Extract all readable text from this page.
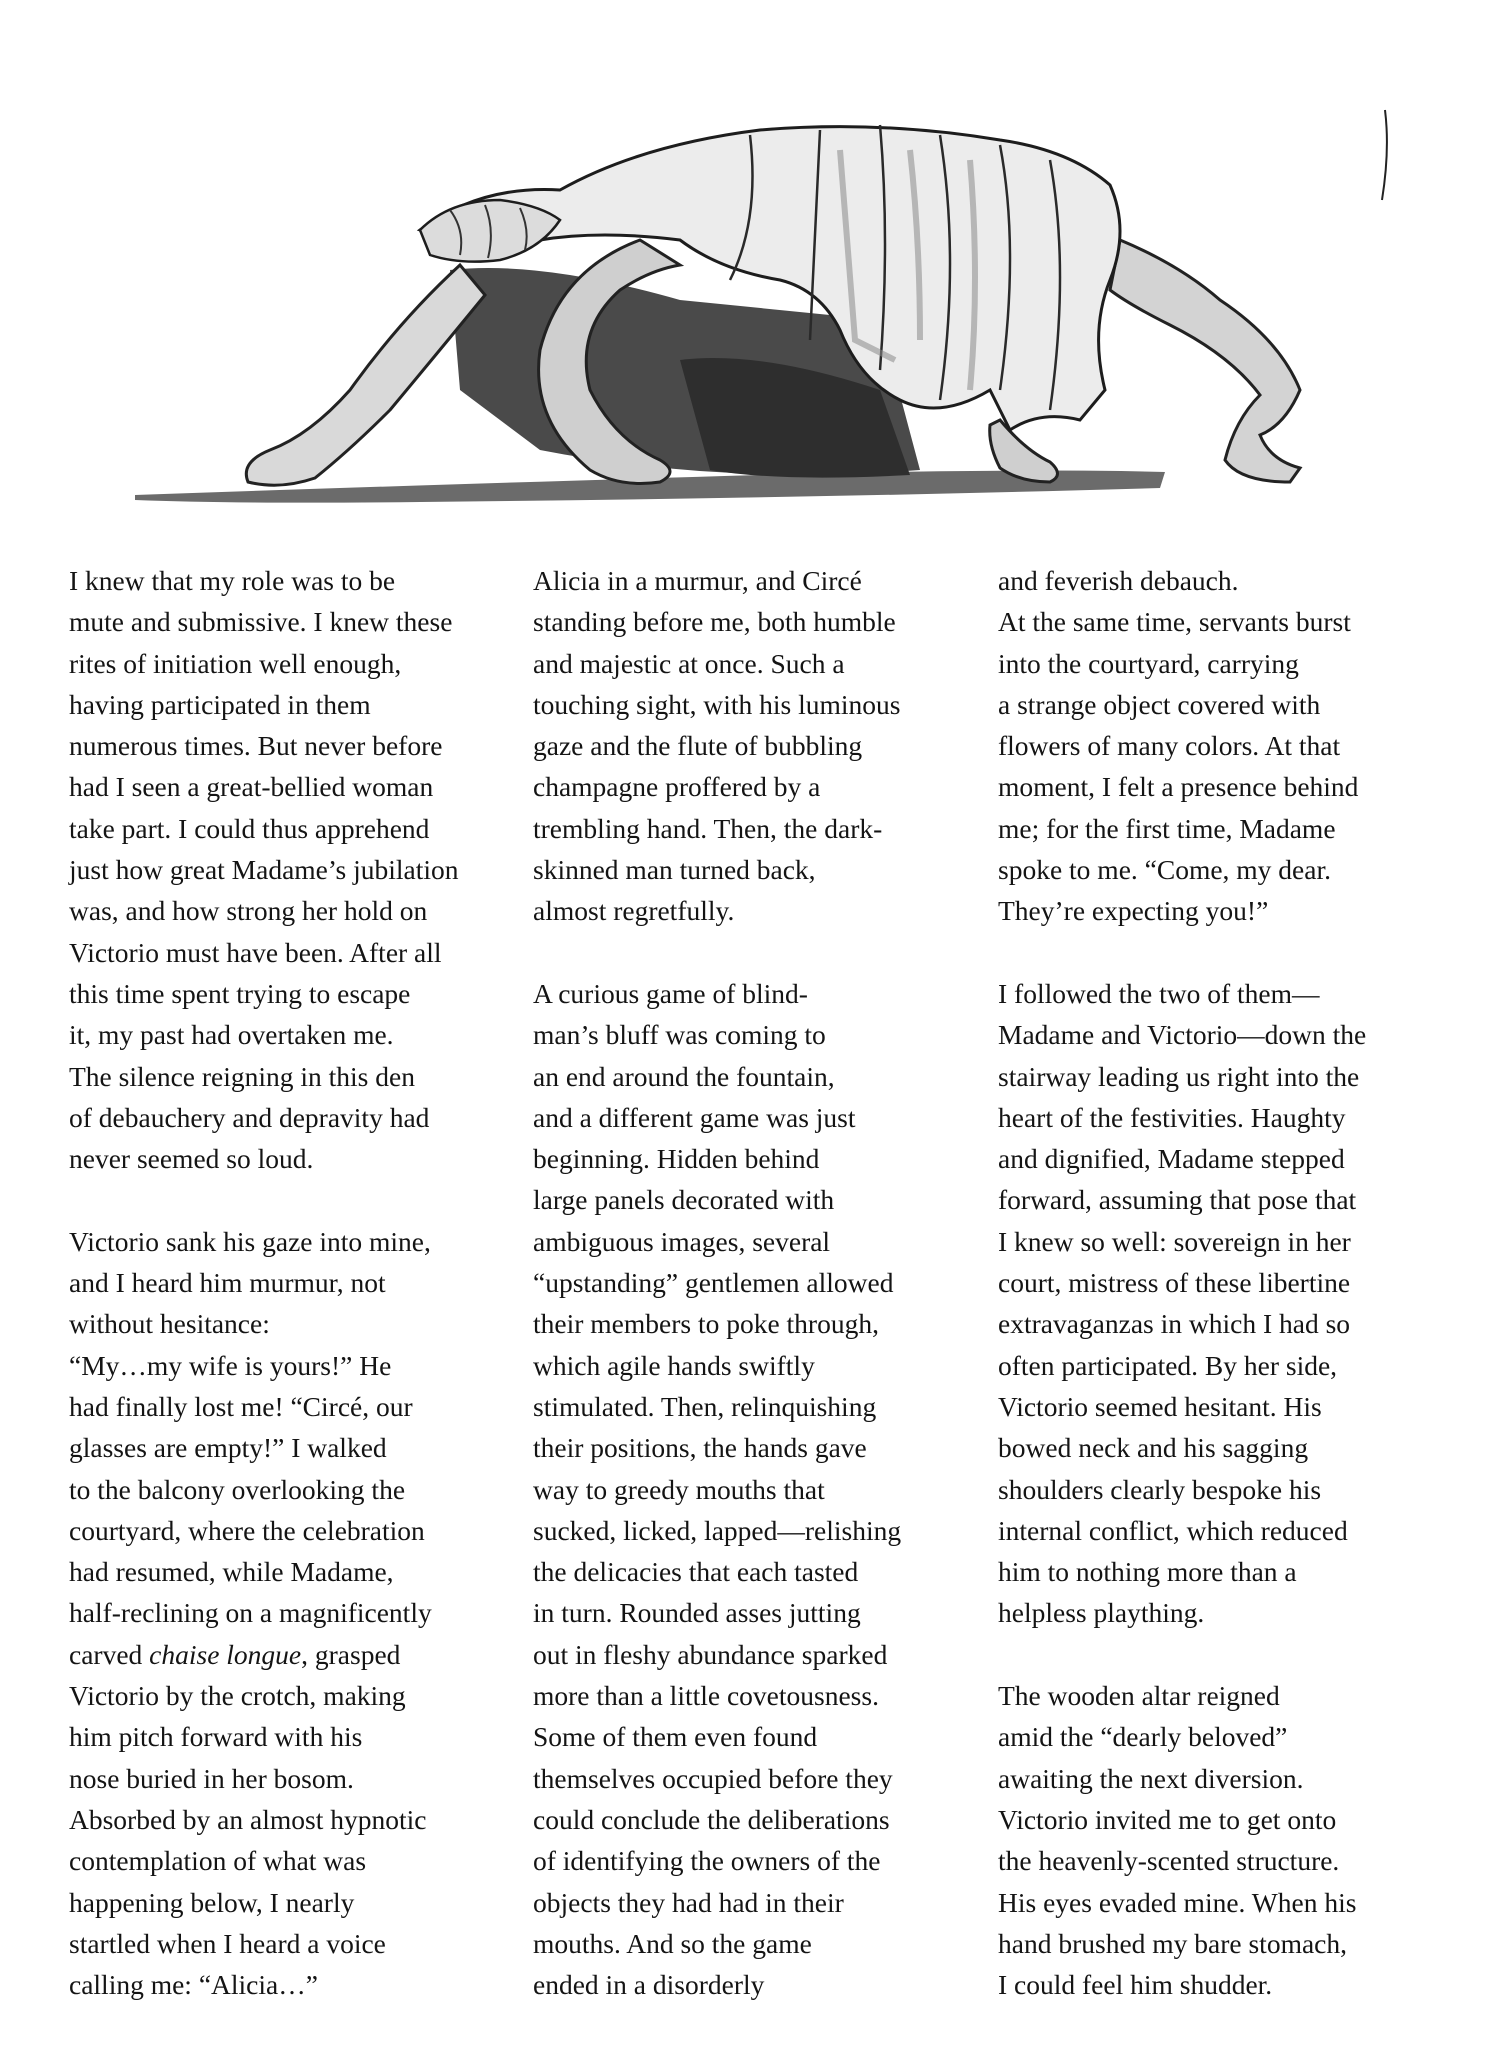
I knew that my role was to be

mute and submissive. I knew these

rites of initiation well enough,

having participated in them

numerous times. But never before

had I seen a great-bellied woman

take part. I could thus apprehend

just how great Madame’s jubilation

was, and how strong her hold on

Victorio must have been. After all

this time spent trying to escape

it, my past had overtaken me.

The silence reigning in this den

of debauchery and depravity had

never seemed so loud.

Victorio sank his gaze into mine,

and I heard him murmur, not

without hesitance:

“My…my wife is yours!” He

had finally lost me! “Circé, our

glasses are empty!” I walked

to the balcony overlooking the

courtyard, where the celebration

had resumed, while Madame,

half-reclining on a magnificently

carved chaise longue, grasped

Victorio by the crotch, making

him pitch forward with his

nose buried in her bosom.

Absorbed by an almost hypnotic

contemplation of what was

happening below, I nearly

startled when I heard a voice

calling me: “Alicia…”

Alicia in a murmur, and Circé

standing before me, both humble

and majestic at once. Such a

touching sight, with his luminous

gaze and the flute of bubbling

champagne proffered by a

trembling hand. Then, the dark-

skinned man turned back,

almost regretfully.

A curious game of blind-

man’s bluff was coming to

an end around the fountain,

and a different game was just

beginning. Hidden behind

large panels decorated with

ambiguous images, several

“upstanding” gentlemen allowed

their members to poke through,

which agile hands swiftly

stimulated. Then, relinquishing

their positions, the hands gave

way to greedy mouths that

sucked, licked, lapped—relishing

the delicacies that each tasted

in turn. Rounded asses jutting

out in fleshy abundance sparked

more than a little covetousness.

Some of them even found

themselves occupied before they

could conclude the deliberations

of identifying the owners of the

objects they had had in their

mouths. And so the game

ended in a disorderly

and feverish debauch.

At the same time, servants burst

into the courtyard, carrying

a strange object covered with

flowers of many colors. At that

moment, I felt a presence behind

me; for the first time, Madame

spoke to me. “Come, my dear.

They’re expecting you!”

I followed the two of them—

Madame and Victorio—down the

stairway leading us right into the

heart of the festivities. Haughty

and dignified, Madame stepped

forward, assuming that pose that

I knew so well: sovereign in her

court, mistress of these libertine

extravaganzas in which I had so

often participated. By her side,

Victorio seemed hesitant. His

bowed neck and his sagging

shoulders clearly bespoke his

internal conflict, which reduced

him to nothing more than a

helpless plaything.

The wooden altar reigned

amid the “dearly beloved”

awaiting the next diversion.

Victorio invited me to get onto

the heavenly-scented structure.

His eyes evaded mine. When his

hand brushed my bare stomach,

I could feel him shudder.
